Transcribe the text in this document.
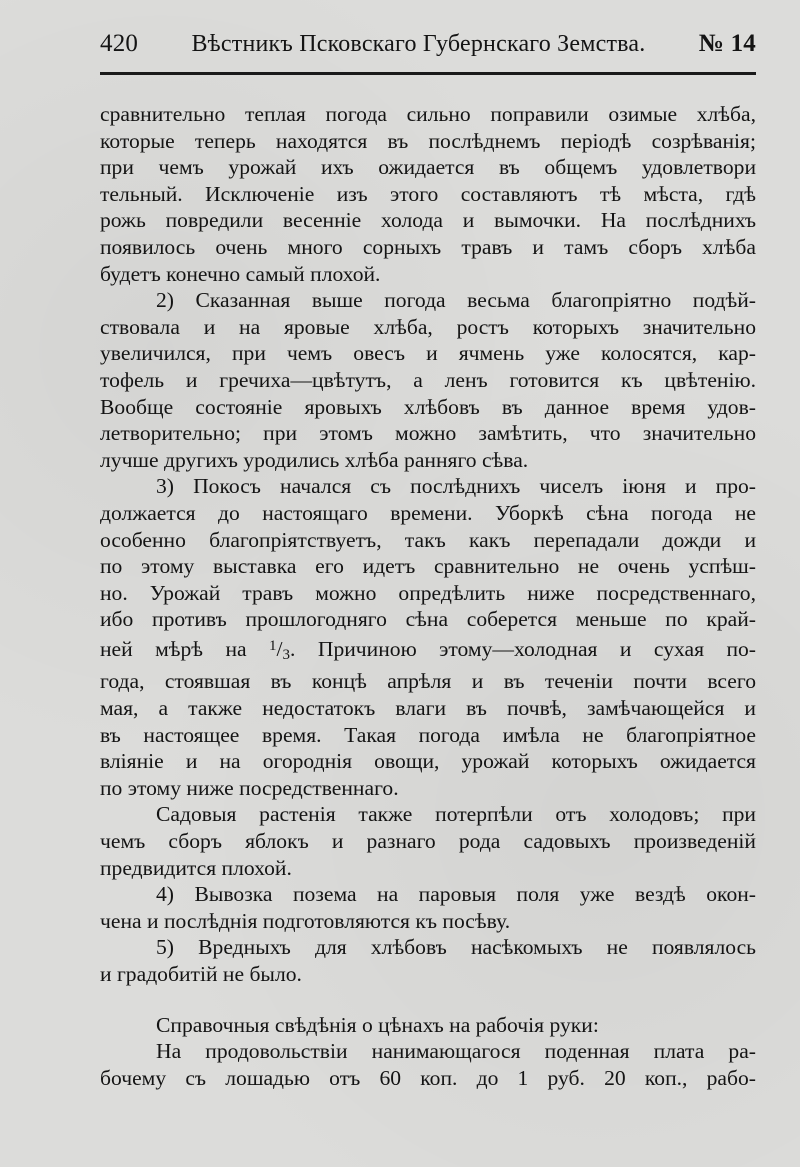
420 Вѣстникъ Псковскаго Губернскаго Земства. № 14

сравнительно теплая погода сильно поправили озимые хлѣба,

которые теперь находятся въ послѣднемъ періодѣ созрѣванія;

при чемъ урожай ихъ ожидается въ общемъ удовлетвори

тельный. Исключеніе изъ этого составляютъ тѣ мѣста, гдѣ

рожь повредили весенніе холода и вымочки. На послѣднихъ

появилось очень много сорныхъ травъ и тамъ сборъ хлѣба

будетъ конечно самый плохой.

2) Сказанная выше погода весьма благопріятно подѣй-

ствовала и на яровые хлѣба, ростъ которыхъ значительно

увеличился, при чемъ овесъ и ячмень уже колосятся, кар-

тофель и гречиха—цвѣтутъ, а ленъ готовится къ цвѣтенію.

Вообще состояніе яровыхъ хлѣбовъ въ данное время удов-

летворительно; при этомъ можно замѣтить, что значительно

лучше другихъ уродились хлѣба ранняго сѣва.

3) Покосъ начался съ послѣднихъ чиселъ іюня и про-

должается до настоящаго времени. Уборкѣ сѣна погода не

особенно благопріятствуетъ, такъ какъ перепадали дожди и

по этому выставка его идетъ сравнительно не очень успѣш-

но. Урожай травъ можно опредѣлить ниже посредственнаго,

ибо противъ прошлогодняго сѣна соберется меньше по край-

ней мѣрѣ на $^1$/3. Причиною этому—холодная и сухая по-

года, стоявшая въ концѣ апрѣля и въ теченіи почти всего

мая, а также недостатокъ влаги въ почвѣ, замѣчающейся и

въ настоящее время. Такая погода имѣла не благопріятное

вліяніе и на огороднія овощи, урожай которыхъ ожидается

по этому ниже посредственнаго.

Садовыя растенія также потерпѣли отъ холодовъ; при

чемъ сборъ яблокъ и разнаго рода садовыхъ произведеній

предвидится плохой.

4) Вывозка позема на паровыя поля уже вездѣ окон-

чена и послѣднія подготовляются къ посѣву.

5) Вредныхъ для хлѣбовъ насѣкомыхъ не появлялось

и градобитій не было.

Справочныя свѣдѣнія о цѣнахъ на рабочія руки:

На продовольствіи нанимающагося поденная плата ра-

бочему съ лошадью отъ 60 коп. до 1 руб. 20 коп., рабо-
